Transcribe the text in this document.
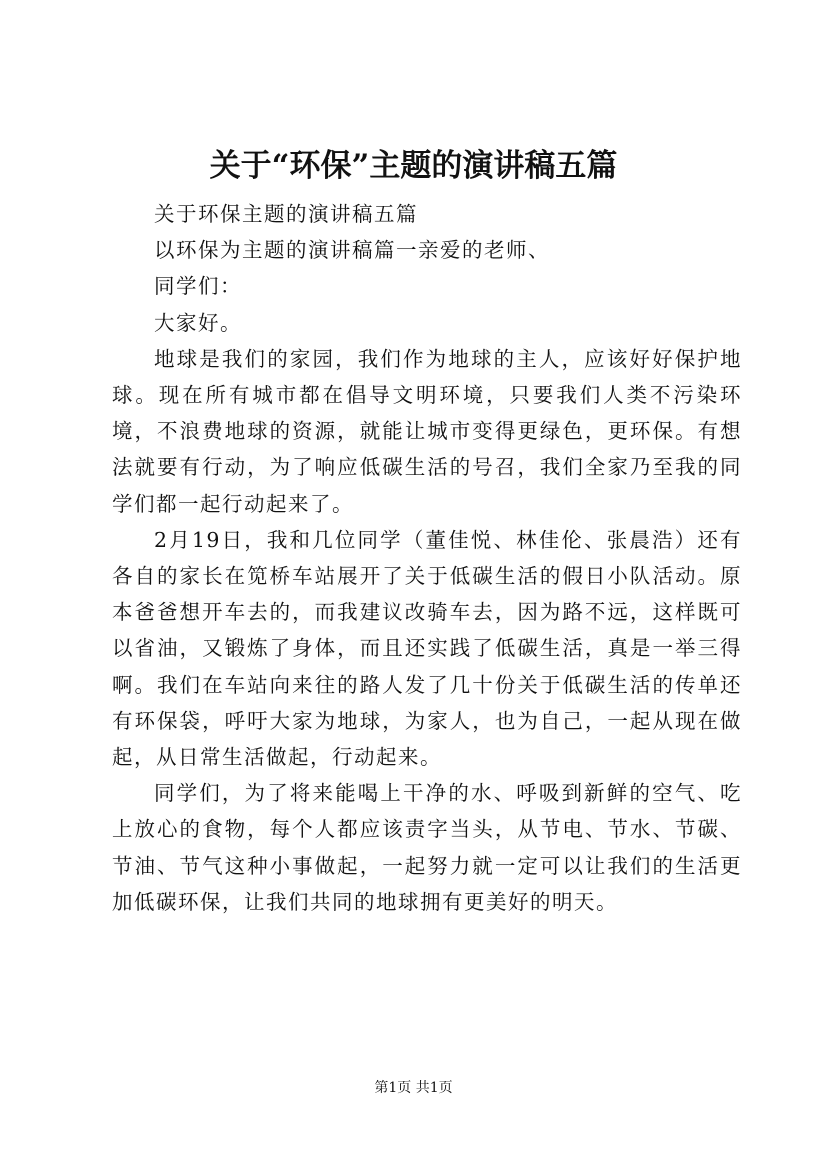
关于“环保”主题的演讲稿五篇

关于环保主题的演讲稿五篇

以环保为主题的演讲稿篇一亲爱的老师、

同学们：

大家好。

地球是我们的家园，我们作为地球的主人，应该好好保护地球。现在所有城市都在倡导文明环境，只要我们人类不污染环境，不浪费地球的资源，就能让城市变得更绿色，更环保。有想法就要有行动，为了响应低碳生活的号召，我们全家乃至我的同学们都一起行动起来了。

2月19日，我和几位同学（董佳悦、林佳伦、张晨浩）还有各自的家长在笕桥车站展开了关于低碳生活的假日小队活动。原本爸爸想开车去的，而我建议改骑车去，因为路不远，这样既可以省油，又锻炼了身体，而且还实践了低碳生活，真是一举三得啊。我们在车站向来往的路人发了几十份关于低碳生活的传单还有环保袋，呼吁大家为地球，为家人，也为自己，一起从现在做起，从日常生活做起，行动起来。

同学们，为了将来能喝上干净的水、呼吸到新鲜的空气、吃上放心的食物，每个人都应该责字当头，从节电、节水、节碳、节油、节气这种小事做起，一起努力就一定可以让我们的生活更加低碳环保，让我们共同的地球拥有更美好的明天。

第1页 共1页
